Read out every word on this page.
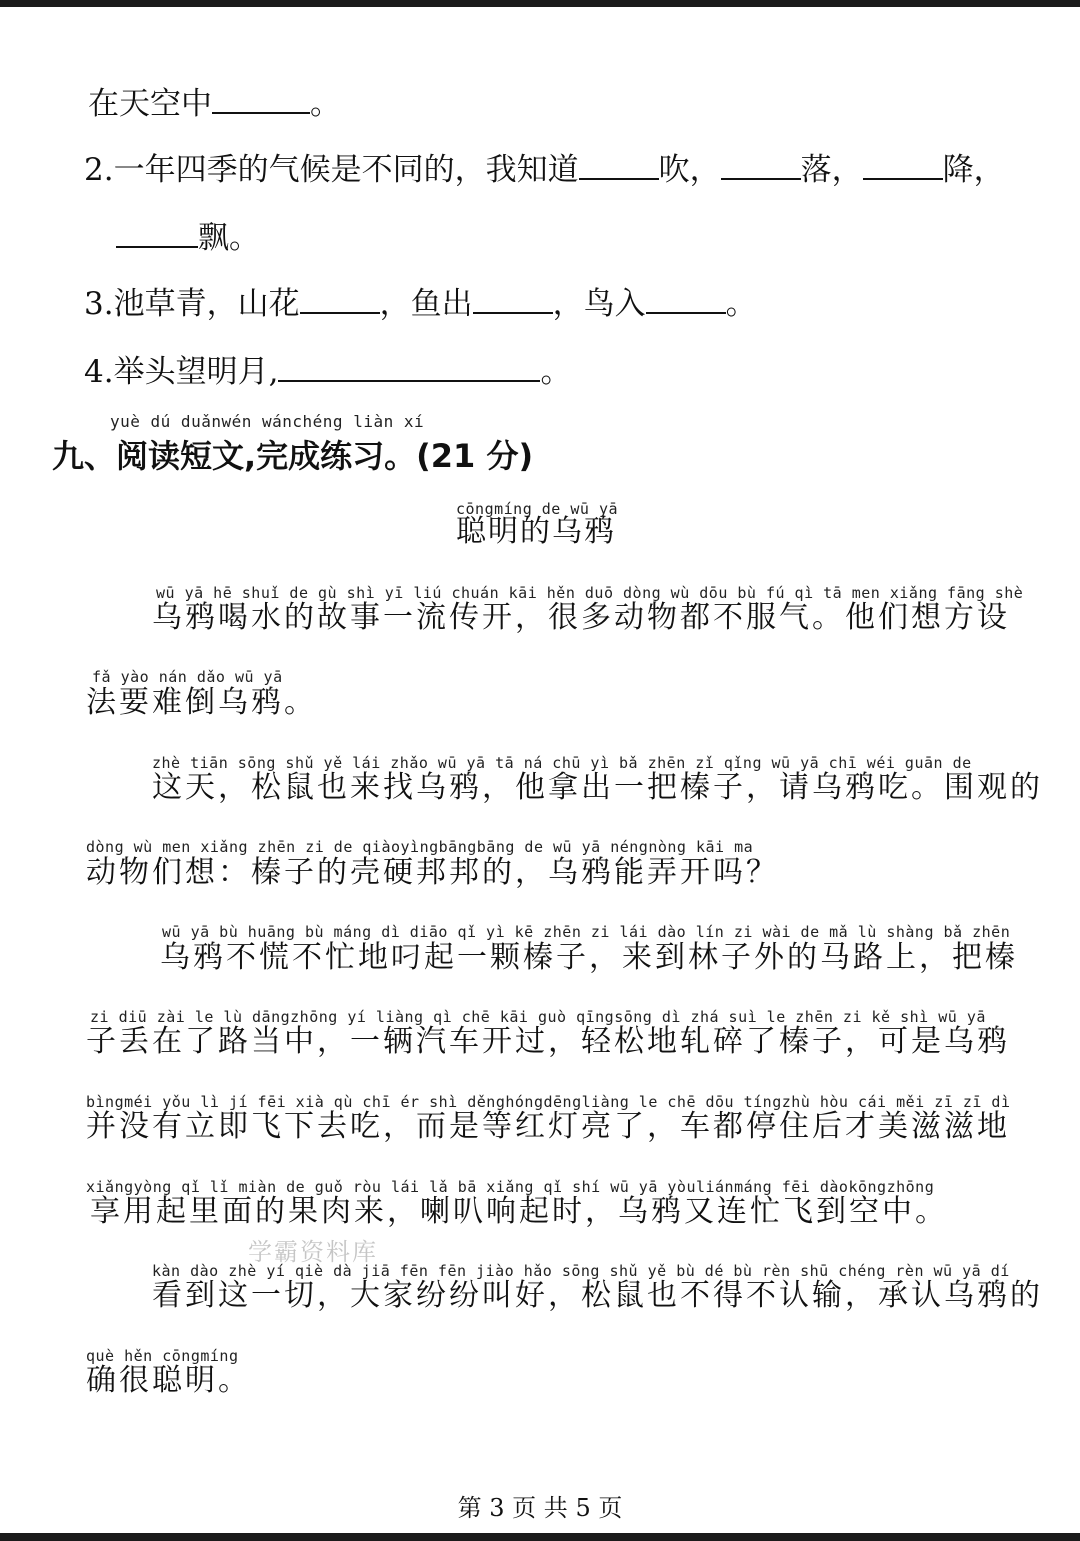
在天空中	。
2.一年四季的气候是不同的，我知道	吹，	落，	降，
飘。
3.池草青，山花	，鱼出	，鸟入	。
4.举头望明月,	。
yuè dú duǎnwén wánchéng liàn xí
九、阅读短文,完成练习。(21 分)
cōngmíng de wū yā
聪明的乌鸦
wū yā hē shuǐ de gù shì yī liú chuán kāi hěn duō dòng wù dōu bù fú qì tā men xiǎng fāng shè
乌鸦喝水的故事一流传开，很多动物都不服气。他们想方设
fǎ yào nán dǎo wū yā
法要难倒乌鸦。
zhè tiān sōng shǔ yě lái zhǎo wū yā tā ná chū yì bǎ zhēn zǐ qǐng wū yā chī wéi guān de
这天，松鼠也来找乌鸦，他拿出一把榛子，请乌鸦吃。围观的
dòng wù men xiǎng zhēn zi de qiàoyìngbāngbāng de wū yā néngnòng kāi ma
动物们想：榛子的壳硬邦邦的，乌鸦能弄开吗？
wū yā bù huāng bù máng dì diāo qǐ yì kē zhēn zi lái dào lín zi wài de mǎ lù shàng bǎ zhēn
乌鸦不慌不忙地叼起一颗榛子，来到林子外的马路上，把榛
zi diū zài le lù dāngzhōng yí liàng qì chē kāi guò qīngsōng dì zhá suì le zhēn zi kě shì wū yā
子丢在了路当中，一辆汽车开过，轻松地轧碎了榛子，可是乌鸦
bìngméi yǒu lì jí fēi xià qù chī ér shì děnghóngdēngliàng le chē dōu tíngzhù hòu cái měi zī zī dì
并没有立即飞下去吃，而是等红灯亮了，车都停住后才美滋滋地
xiǎngyòng qǐ lǐ miàn de guǒ ròu lái lǎ bā xiǎng qǐ shí wū yā yòuliánmáng fēi dàokōngzhōng
享用起里面的果肉来，喇叭响起时，乌鸦又连忙飞到空中。
学霸资料库
kàn dào zhè yí qiè dà jiā fēn fēn jiào hǎo sōng shǔ yě bù dé bù rèn shū chéng rèn wū yā dí
看到这一切，大家纷纷叫好，松鼠也不得不认输，承认乌鸦的
què hěn cōngmíng
确很聪明。
第 3 页 共 5 页
